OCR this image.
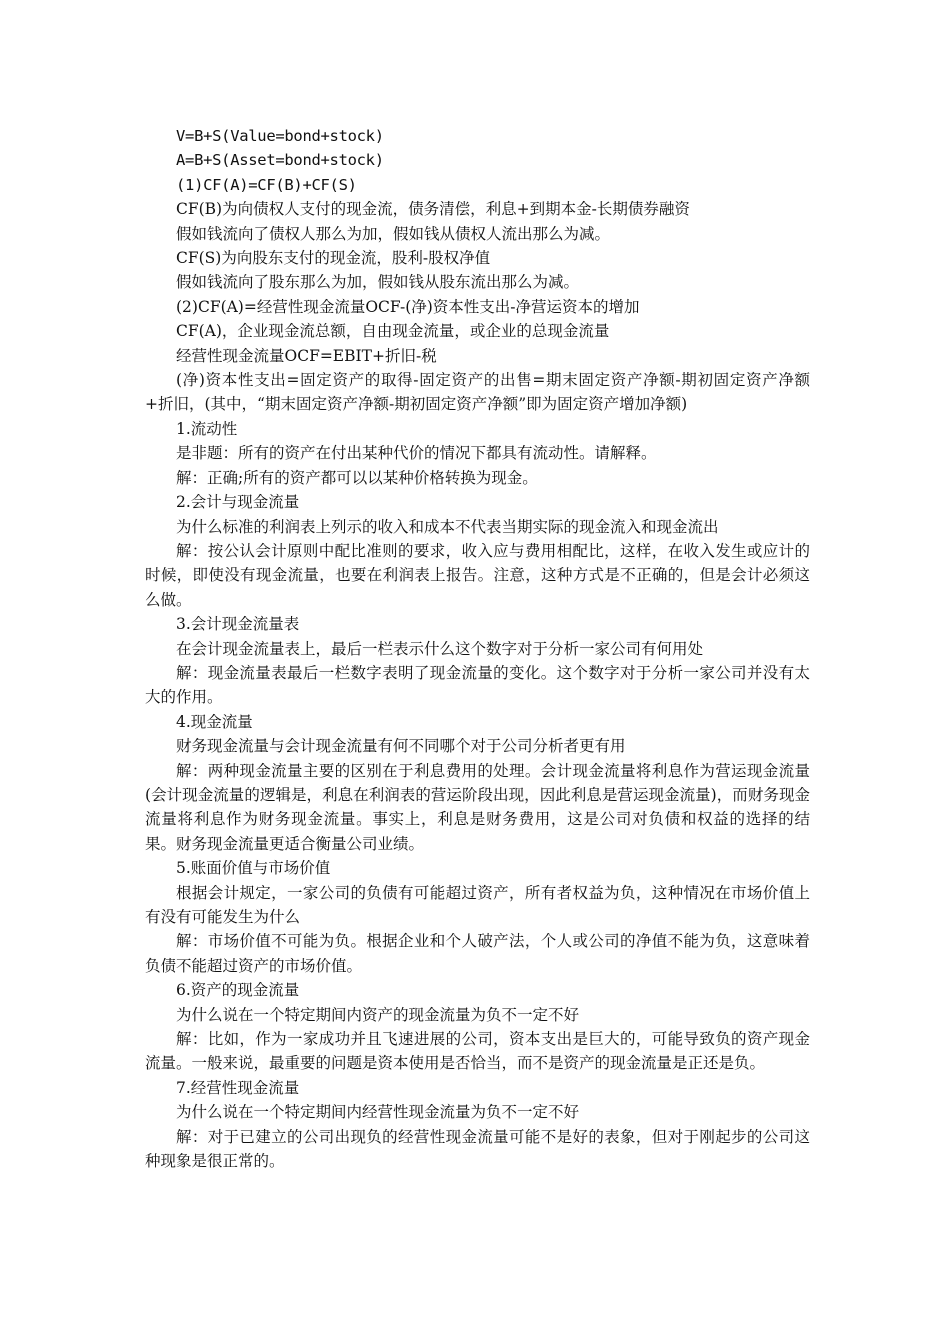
V=B+S(Value=bond+stock)

A=B+S(Asset=bond+stock)

(1)CF(A)=CF(B)+CF(S)

CF(B)为向债权人支付的现金流，债务清偿，利息+到期本金-长期债券融资

假如钱流向了债权人那么为加，假如钱从债权人流出那么为减。

CF(S)为向股东支付的现金流，股利-股权净值

假如钱流向了股东那么为加，假如钱从股东流出那么为减。

(2)CF(A)=经营性现金流量OCF-(净)资本性支出-净营运资本的增加

CF(A)，企业现金流总额，自由现金流量，或企业的总现金流量

经营性现金流量OCF=EBIT+折旧-税

(净)资本性支出=固定资产的取得-固定资产的出售=期末固定资产净额-期初固定资产净额+折旧，(其中，“期末固定资产净额-期初固定资产净额”即为固定资产增加净额)

1.流动性

是非题：所有的资产在付出某种代价的情况下都具有流动性。请解释。

解：正确;所有的资产都可以以某种价格转换为现金。

2.会计与现金流量

为什么标准的利润表上列示的收入和成本不代表当期实际的现金流入和现金流出

解：按公认会计原则中配比准则的要求，收入应与费用相配比，这样，在收入发生或应计的时候，即使没有现金流量，也要在利润表上报告。注意，这种方式是不正确的，但是会计必须这么做。

3.会计现金流量表

在会计现金流量表上，最后一栏表示什么这个数字对于分析一家公司有何用处

解：现金流量表最后一栏数字表明了现金流量的变化。这个数字对于分析一家公司并没有太大的作用。

4.现金流量

财务现金流量与会计现金流量有何不同哪个对于公司分析者更有用

解：两种现金流量主要的区别在于利息费用的处理。会计现金流量将利息作为营运现金流量(会计现金流量的逻辑是，利息在利润表的营运阶段出现，因此利息是营运现金流量)，而财务现金流量将利息作为财务现金流量。事实上，利息是财务费用，这是公司对负债和权益的选择的结果。财务现金流量更适合衡量公司业绩。

5.账面价值与市场价值

根据会计规定，一家公司的负债有可能超过资产，所有者权益为负，这种情况在市场价值上有没有可能发生为什么

解：市场价值不可能为负。根据企业和个人破产法，个人或公司的净值不能为负，这意味着负债不能超过资产的市场价值。

6.资产的现金流量

为什么说在一个特定期间内资产的现金流量为负不一定不好

解：比如，作为一家成功并且飞速进展的公司，资本支出是巨大的，可能导致负的资产现金流量。一般来说，最重要的问题是资本使用是否恰当，而不是资产的现金流量是正还是负。

7.经营性现金流量

为什么说在一个特定期间内经营性现金流量为负不一定不好

解：对于已建立的公司出现负的经营性现金流量可能不是好的表象，但对于刚起步的公司这种现象是很正常的。
